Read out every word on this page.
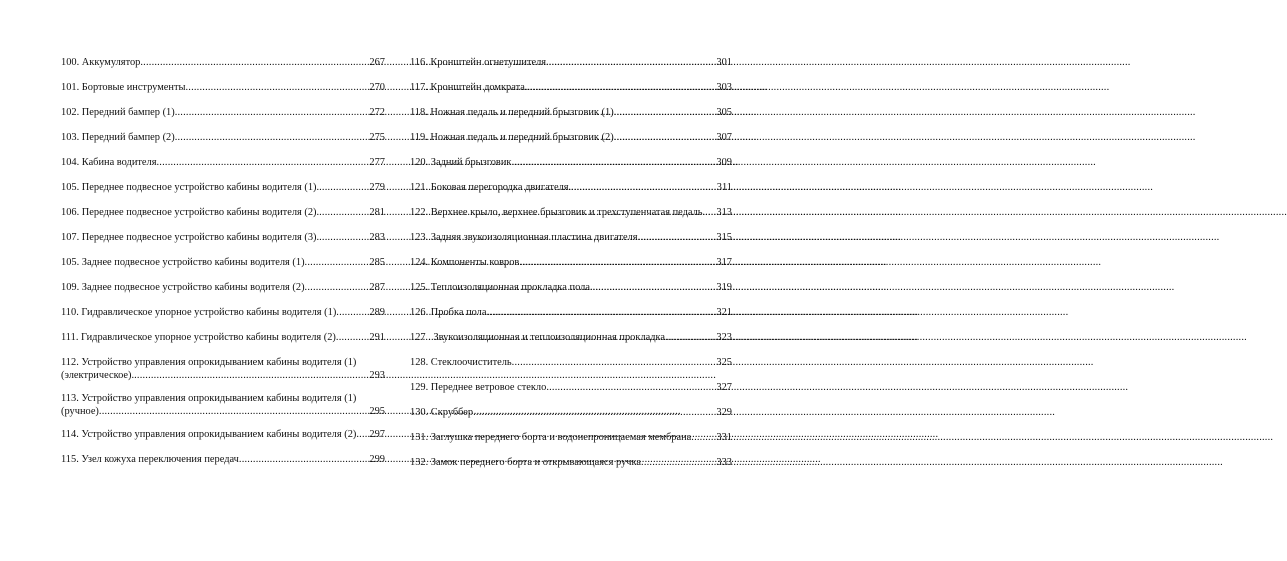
100. Аккумулятор .....	267
101. Бортовые инструменты .....	270
102. Передний бампер (1) .....	272
103. Передний бампер (2) .....	275
104. Кабина водителя .....	277
105. Переднее подвесное устройство кабины водителя (1). .....	279
106. Переднее подвесное устройство кабины водителя (2). .....	281
107. Переднее подвесное устройство кабины водителя (3). .....	283
105. Заднее подвесное устройство кабины водителя (1) .....	285
109. Заднее подвесное устройство кабины водителя (2) .....	287
110. Гидравлическое упорное устройство кабины водителя (1) .....	289
111. Гидравлическое упорное устройство кабины водителя (2) .....	291
112. Устройство управления опрокидыванием кабины водителя (1)
(электрическое). .....	293
113. Устройство управления опрокидыванием кабины водителя (1)
(ручное) .....	295
114. Устройство управления опрокидыванием кабины водителя (2) ..... 297
115. Узел кожуха переключения передач .....	299
116. Кронштейн огнетушителя. .....	301
117. Кронштейн домкрата. .....	303
118. Ножная педаль и передний брызговик (1) .....	305
119. Ножная педаль и передний брызговик (2) .....	307
120. Задний брызговик. .....	309
121. Боковая перегородка двигателя. .....	311
122. Верхнее крыло, верхнее брызговик и трехступенчатая педаль. ..... 313
123. Задняя звукоизоляционная пластина двигателя .....	315
124. Компоненты ковров .....	317
125. Теплоизоляционная прокладка пола. .....	319
126. Пробка пола .....	321
127 . Звукоизоляционная и теплоизоляционная прокладка .....	323
128. Стеклоочиститель .....	325
129. Переднее ветровое стекло .....	327
130. Скруббер .....	329
131. Заглушка переднего борта и водонепроницаемая мембрана ..... 331
132. Замок переднего борта и открывающаяся ручка .....	333
